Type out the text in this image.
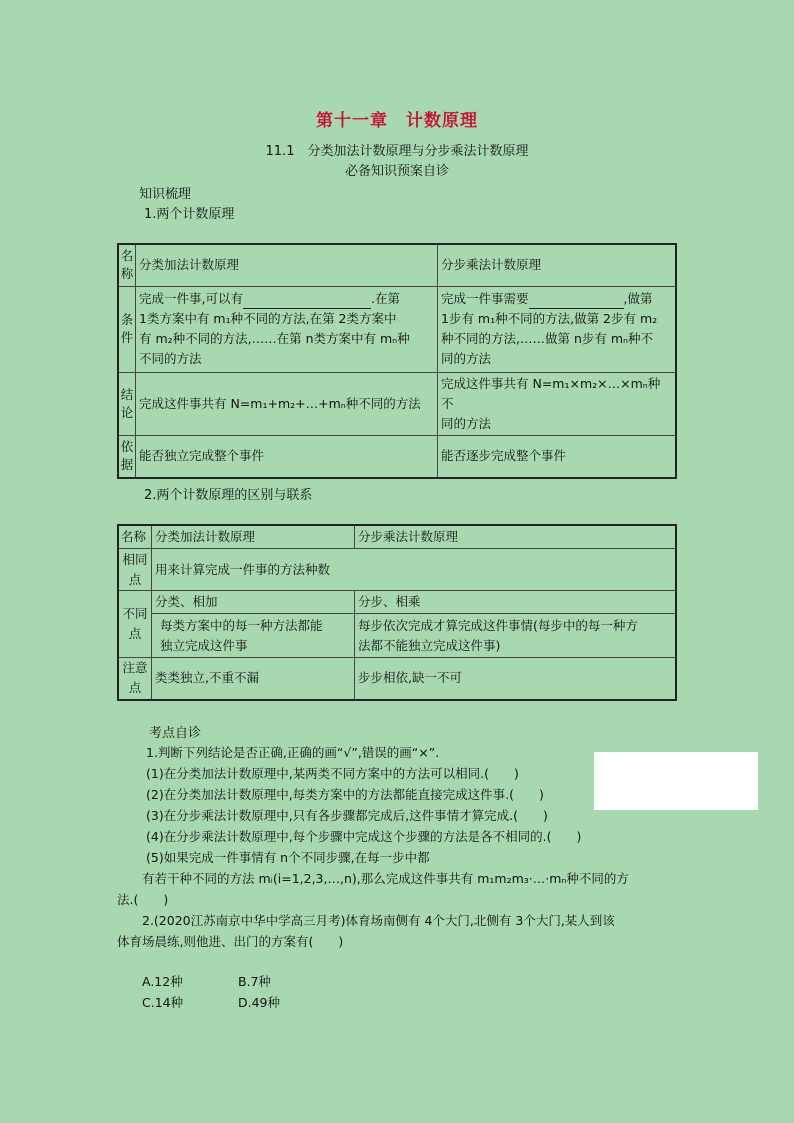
第十一章　计数原理
11.1　分类加法计数原理与分步乘法计数原理
必备知识预案自诊
知识梳理
1.两个计数原理
名称	分类加法计数原理	分步乘法计数原理
条件	完成一件事,可以有 .在第
1类方案中有 m₁种不同的方法,在第 2类方案中
有 m₂种不同的方法,……在第 n类方案中有 mₙ种
不同的方法	完成一件事需要 ,做第
1步有 m₁种不同的方法,做第 2步有 m₂
种不同的方法,……做第 n步有 mₙ种不
同的方法
结论	完成这件事共有 N=m₁+m₂+…+mₙ种不同的方法	完成这件事共有 N=m₁×m₂×…×mₙ种不
同的方法
依据	能否独立完成整个事件	能否逐步完成整个事件
2.两个计数原理的区别与联系
名称	分类加法计数原理	分步乘法计数原理
相同点	用来计算完成一件事的方法种数	
不同点	分类、相加	分步、相乘
	每类方案中的每一种方法都能
独立完成这件事	每步依次完成才算完成这件事情(每步中的每一种方
法都不能独立完成这件事)
注意点	类类独立,不重不漏	步步相依,缺一不可
考点自诊
1.判断下列结论是否正确,正确的画“√”,错误的画“×”.
(1)在分类加法计数原理中,某两类不同方案中的方法可以相同.(　　)
(2)在分类加法计数原理中,每类方案中的方法都能直接完成这件事.(　　)
(3)在分步乘法计数原理中,只有各步骤都完成后,这件事情才算完成.(　　)
(4)在分步乘法计数原理中,每个步骤中完成这个步骤的方法是各不相同的.(　　)
(5)如果完成一件事情有 n个不同步骤,在每一步中都
有若干种不同的方法 mᵢ(i=1,2,3,…,n),那么完成这件事共有 m₁m₂m₃·…·mₙ种不同的方
法.(　　)
2.(2020江苏南京中华中学高三月考)体育场南侧有 4个大门,北侧有 3个大门,某人到该
体育场晨练,则他进、出门的方案有(　　)
A.12种	B.7种
C.14种	D.49种
